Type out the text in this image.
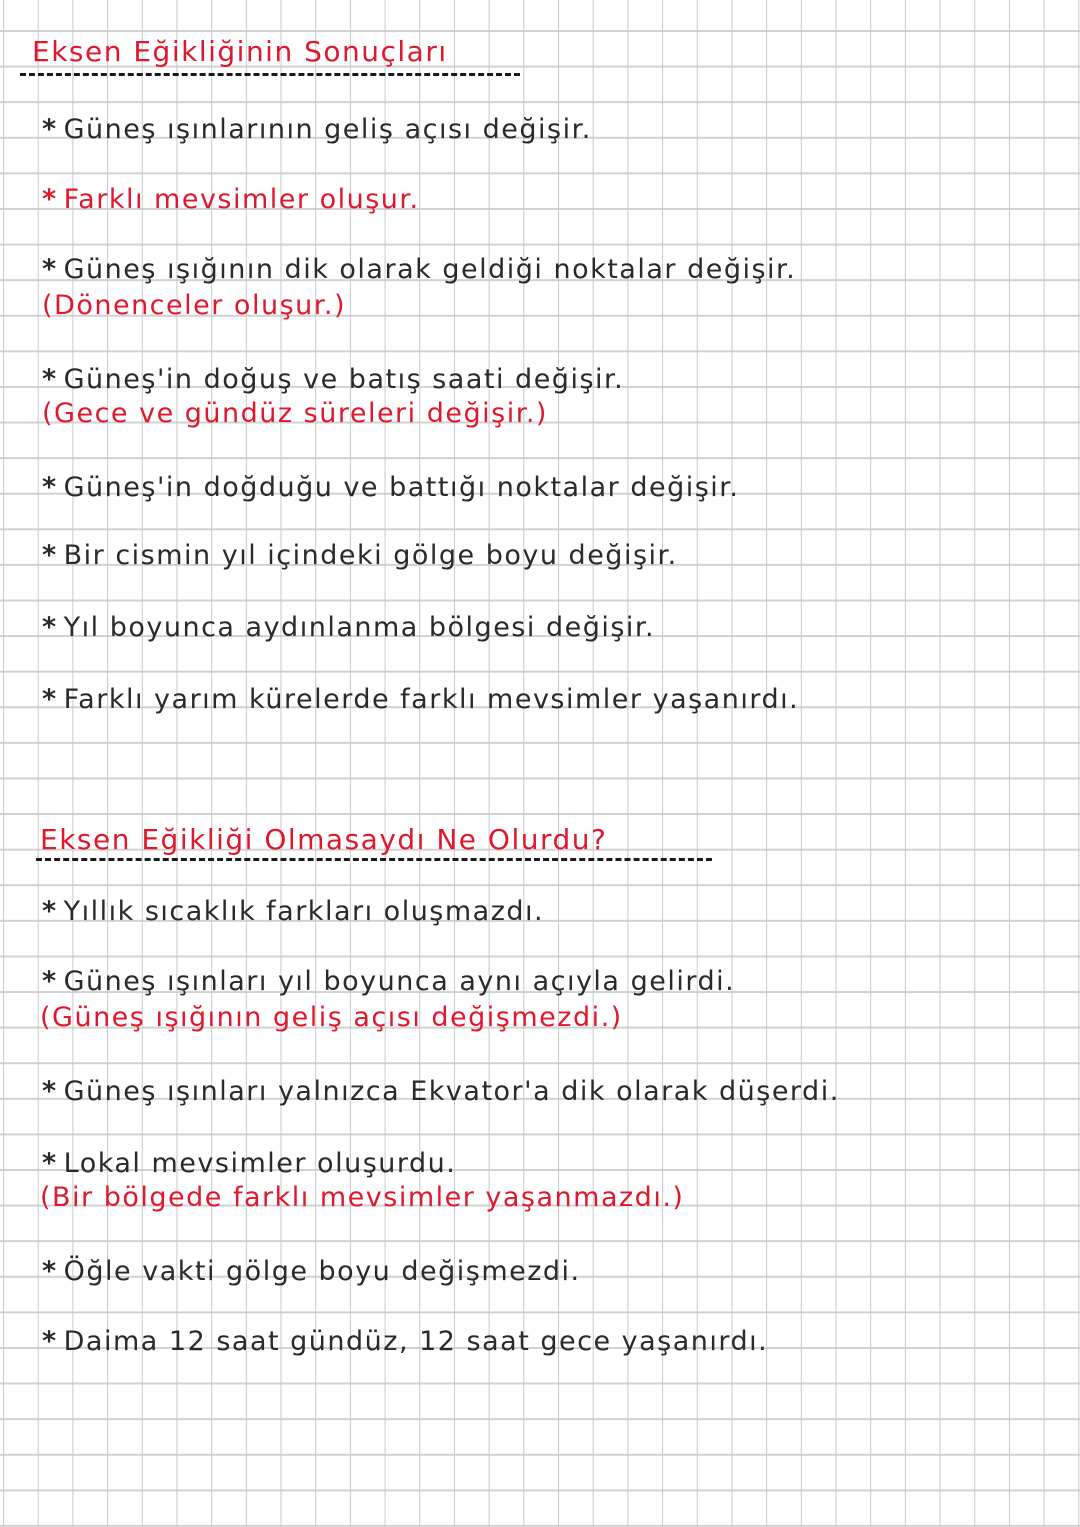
Eksen Eğikliğinin Sonuçları
* Güneş ışınlarının geliş açısı değişir.
* Farklı mevsimler oluşur.
* Güneş ışığının dik olarak geldiği noktalar değişir.
(Dönenceler oluşur.)
* Güneş'in doğuş ve batış saati değişir.
(Gece ve gündüz süreleri değişir.)
* Güneş'in doğduğu ve battığı noktalar değişir.
* Bir cismin yıl içindeki gölge boyu değişir.
* Yıl boyunca aydınlanma bölgesi değişir.
* Farklı yarım kürelerde farklı mevsimler yaşanırdı.
Eksen Eğikliği Olmasaydı Ne Olurdu?
* Yıllık sıcaklık farkları oluşmazdı.
* Güneş ışınları yıl boyunca aynı açıyla gelirdi.
(Güneş ışığının geliş açısı değişmezdi.)
* Güneş ışınları yalnızca Ekvator'a dik olarak düşerdi.
* Lokal mevsimler oluşurdu.
(Bir bölgede farklı mevsimler yaşanmazdı.)
* Öğle vakti gölge boyu değişmezdi.
* Daima 12 saat gündüz, 12 saat gece yaşanırdı.
